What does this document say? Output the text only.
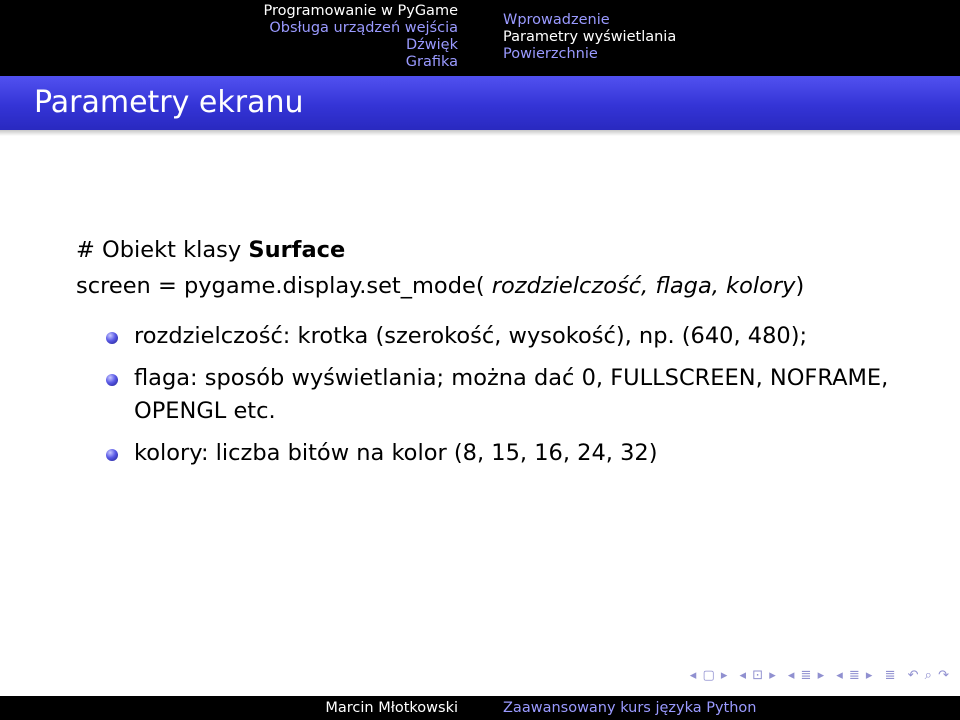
Programowanie w PyGame
Obsługa urządzeń wejścia
Dźwięk
Grafika
Wprowadzenie
Parametry wyświetlania
Powierzchnie
Parametry ekranu
# Obiekt klasy Surface
screen = pygame.display.set_mode( rozdzielczość, flaga, kolory)
rozdzielczość: krotka (szerokość, wysokość), np. (640, 480);
flaga: sposób wyświetlania; można dać 0, FULLSCREEN, NOFRAME, OPENGL etc.
kolory: liczba bitów na kolor (8, 15, 16, 24, 32)
◂ ▢ ▸ ◂ ⊡ ▸ ◂ ≣ ▸ ◂ ≣ ▸ ≣ ↶ ⌕ ↷
Marcin Młotkowski	Zaawansowany kurs języka Python
